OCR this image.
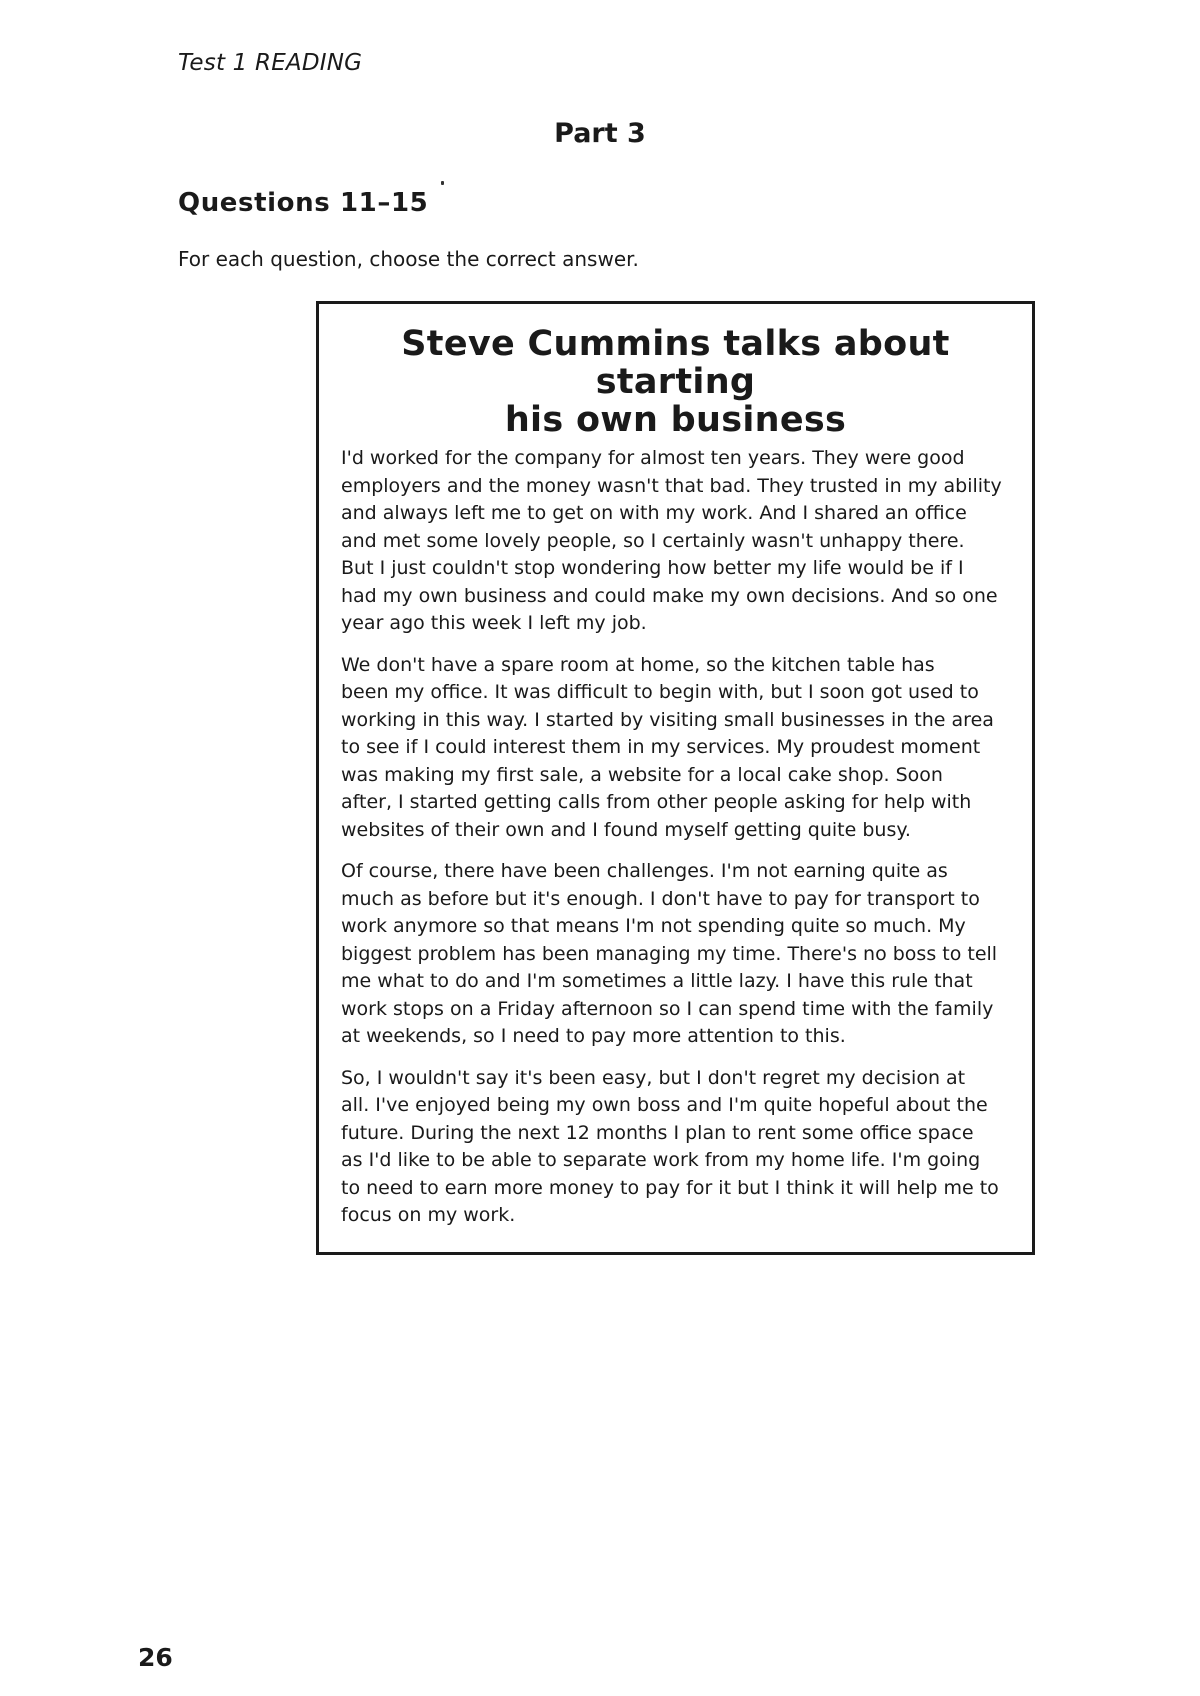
Test 1 READING
Part 3
Questions 11–15
For each question, choose the correct answer.
Steve Cummins talks about starting
his own business

I'd worked for the company for almost ten years. They were good
employers and the money wasn't that bad. They trusted in my ability
and always left me to get on with my work. And I shared an office
and met some lovely people, so I certainly wasn't unhappy there.
But I just couldn't stop wondering how better my life would be if I
had my own business and could make my own decisions. And so one
year ago this week I left my job.

We don't have a spare room at home, so the kitchen table has
been my office. It was difficult to begin with, but I soon got used to
working in this way. I started by visiting small businesses in the area
to see if I could interest them in my services. My proudest moment
was making my first sale, a website for a local cake shop. Soon
after, I started getting calls from other people asking for help with
websites of their own and I found myself getting quite busy.

Of course, there have been challenges. I'm not earning quite as
much as before but it's enough. I don't have to pay for transport to
work anymore so that means I'm not spending quite so much. My
biggest problem has been managing my time. There's no boss to tell
me what to do and I'm sometimes a little lazy. I have this rule that
work stops on a Friday afternoon so I can spend time with the family
at weekends, so I need to pay more attention to this.

So, I wouldn't say it's been easy, but I don't regret my decision at
all. I've enjoyed being my own boss and I'm quite hopeful about the
future. During the next 12 months I plan to rent some office space
as I'd like to be able to separate work from my home life. I'm going
to need to earn more money to pay for it but I think it will help me to
focus on my work.

26
